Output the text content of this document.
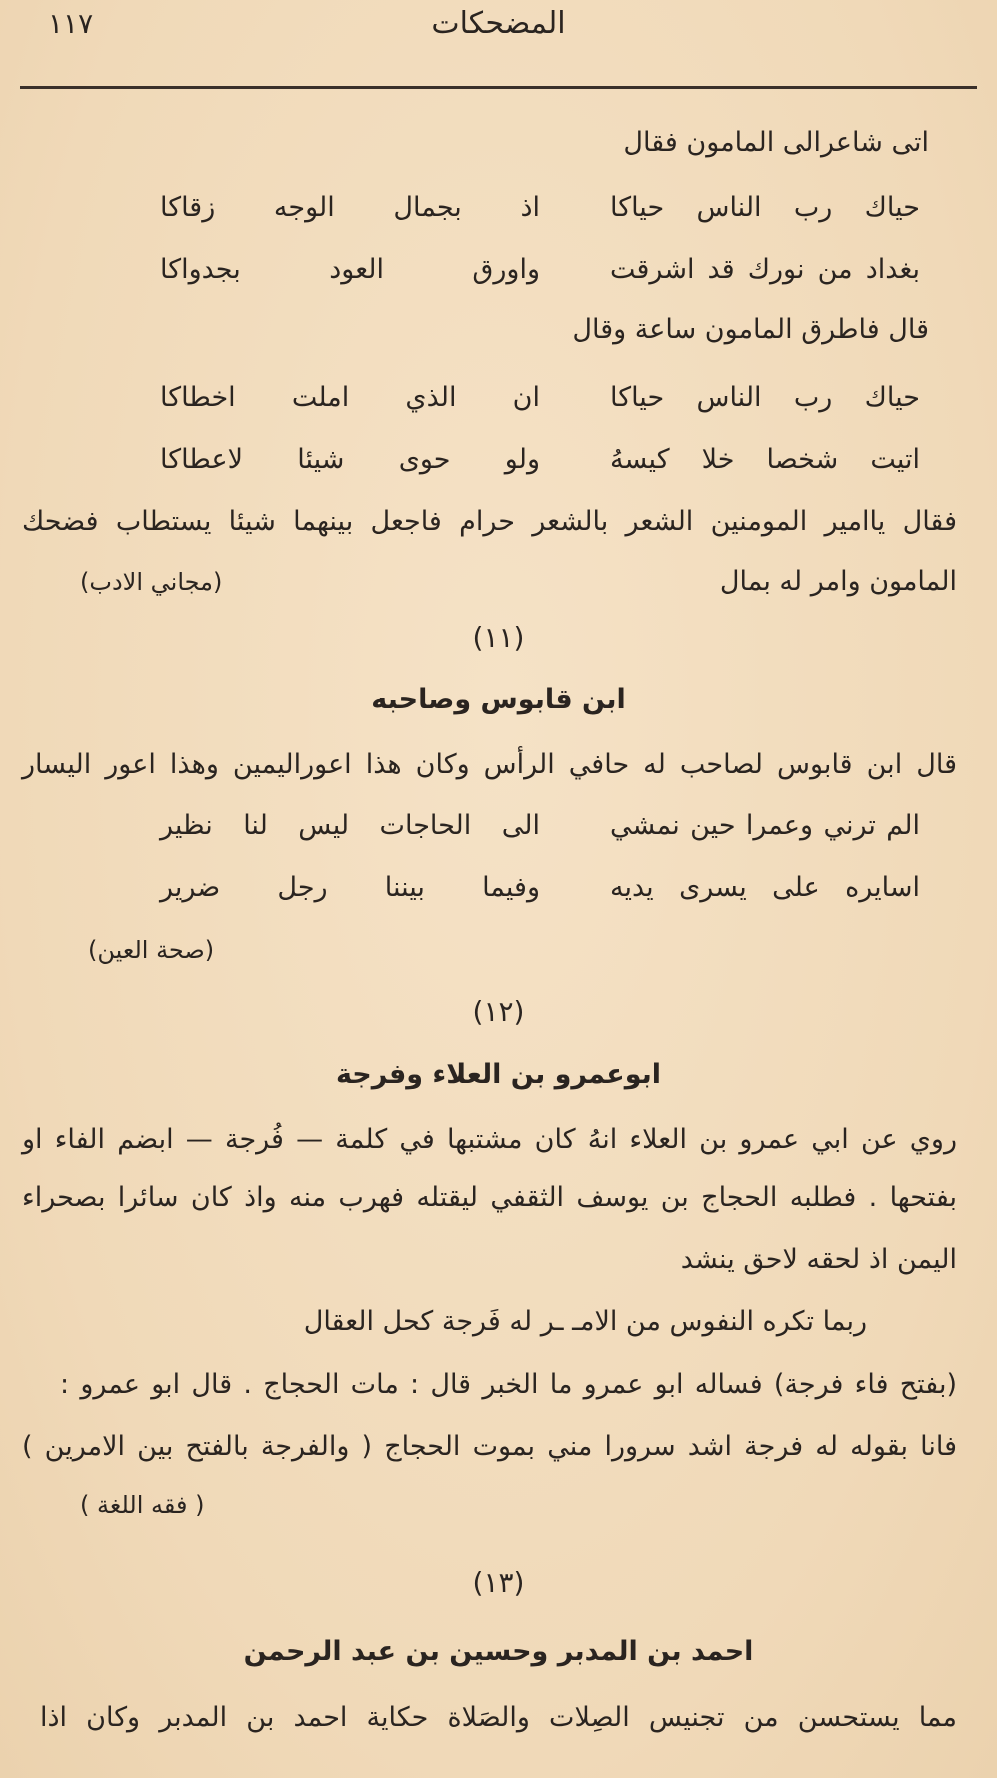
١١٧	المضحكات
اتى شاعرالى المامون فقال
حياك رب الناس حياكا
اذ بجمال الوجه زقاكا
بغداد من نورك قد اشرقت
واورق العود بجدواكا
قال فاطرق المامون ساعة وقال
حياك رب الناس حياكا
ان الذي املت اخطاكا
اتيت شخصا خلا كيسهُ
ولو حوى شيئا لاعطاكا
فقال ياامير المومنين الشعر بالشعر حرام فاجعل بينهما شيئا يستطاب فضحك
المامون وامر له بمال
(مجاني الادب)
(١١)
ابن قابوس وصاحبه
قال ابن قابوس لصاحب له حافي الرأس وكان هذا اعوراليمين وهذا اعور اليسار
الم ترني وعمرا حين نمشي
الى الحاجات ليس لنا نظير
اسايره على يسرى يديه
وفيما بيننا رجل ضرير
(صحة العين)
(١٢)
ابوعمرو بن العلاء وفرجة
روي عن ابي عمرو بن العلاء انهُ كان مشتبها في كلمة — فُرجة — ابضم الفاء او
بفتحها . فطلبه الحجاج بن يوسف الثقفي ليقتله فهرب منه واذ كان سائرا بصحراء
اليمن اذ لحقه لاحق ينشد
ربما تكره النفوس من الامـ ـر له فَرجة كحل العقال
(بفتح فاء فرجة) فساله ابو عمرو ما الخبر قال : مات الحجاج . قال ابو عمرو :
فانا بقوله له فرجة اشد سرورا مني بموت الحجاج ( والفرجة بالفتح بين الامرين )
( فقه اللغة )
(١٣)
احمد بن المدبر وحسين بن عبد الرحمن
مما يستحسن من تجنيس الصِلات والصَلاة حكاية احمد بن المدبر وكان اذا
